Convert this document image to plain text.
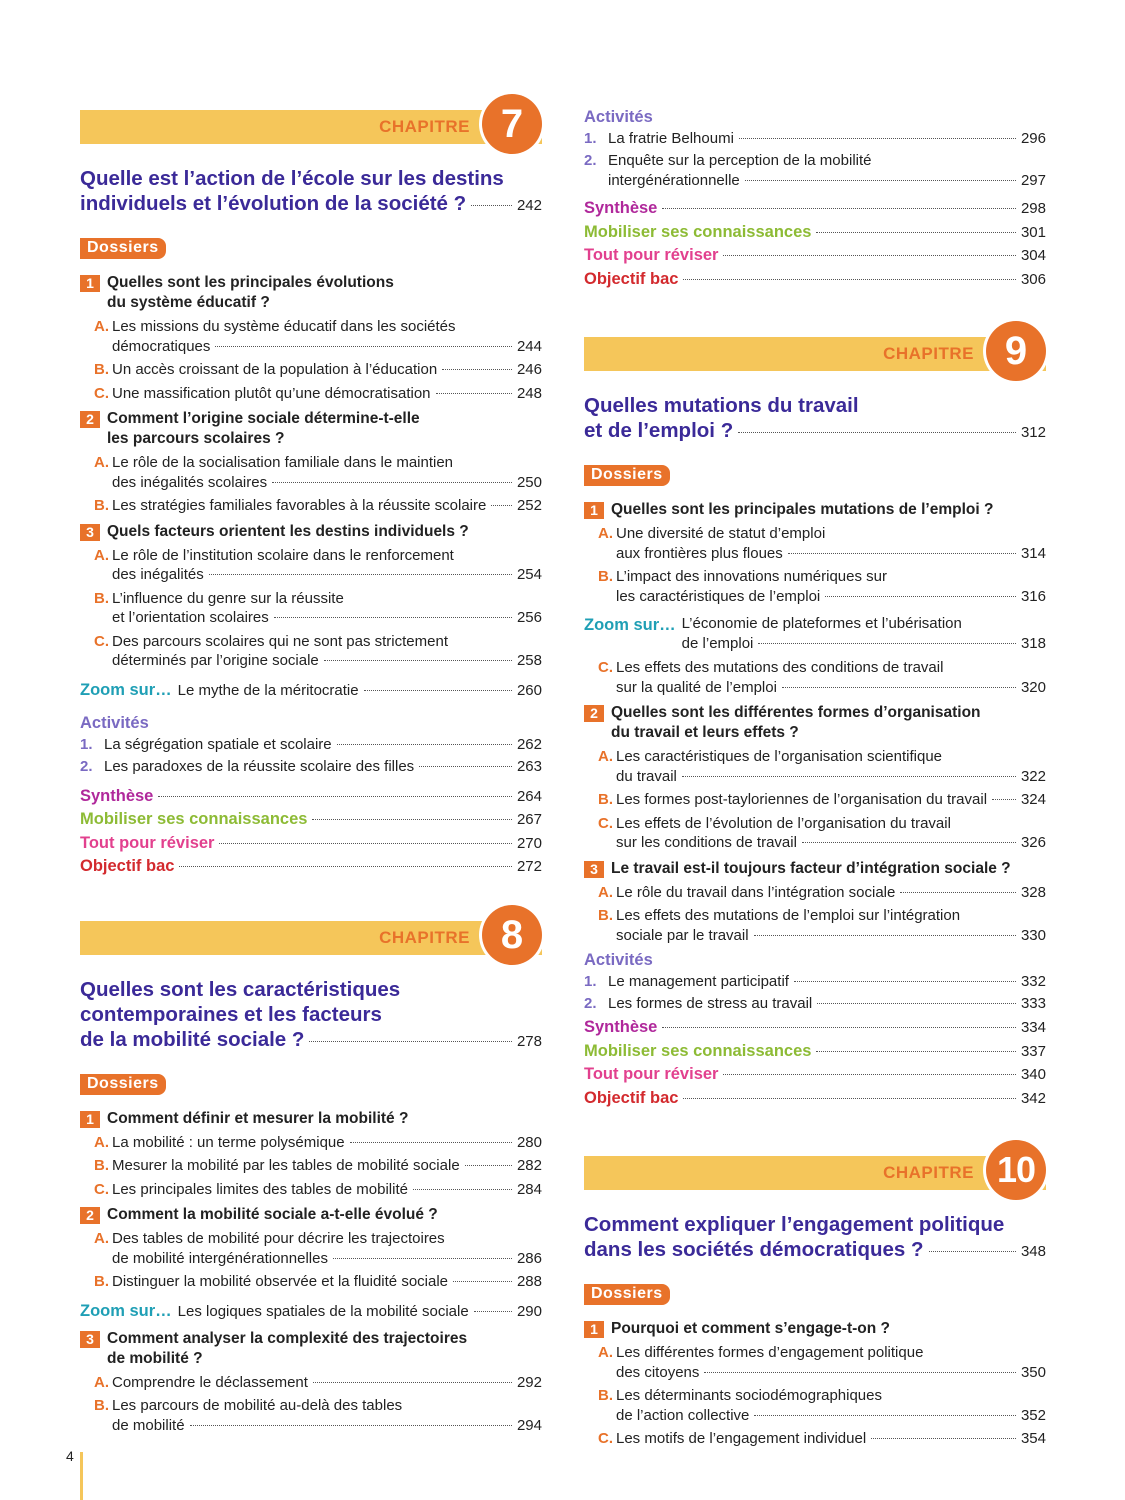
CHAPITRE 7
Quelle est l’action de l’école sur les destins
individuels et l’évolution de la société ?	242
Dossiers
1 Quelles sont les principales évolutions
du système éducatif ?
A. Les missions du système éducatif dans les sociétés
démocratiques	244
B. Un accès croissant de la population à l’éducation	246
C. Une massification plutôt qu’une démocratisation	248
2 Comment l’origine sociale détermine-t-elle
les parcours scolaires ?
A. Le rôle de la socialisation familiale dans le maintien
des inégalités scolaires	250
B. Les stratégies familiales favorables à la réussite scolaire 252
3 Quels facteurs orientent les destins individuels ?
A. Le rôle de l’institution scolaire dans le renforcement
des inégalités	254
B. L’influence du genre sur la réussite
et l’orientation scolaires	256
C. Des parcours scolaires qui ne sont pas strictement
déterminés par l’origine sociale	258
Zoom sur… Le mythe de la méritocratie	260
Activités
1. La ségrégation spatiale et scolaire	262
2. Les paradoxes de la réussite scolaire des filles	263
Synthèse	264
Mobiliser ses connaissances	267
Tout pour réviser	270
Objectif bac	272
CHAPITRE 8
Quelles sont les caractéristiques
contemporaines et les facteurs
de la mobilité sociale ?	278
Dossiers
1 Comment définir et mesurer la mobilité ?
A. La mobilité : un terme polysémique	280
B. Mesurer la mobilité par les tables de mobilité sociale	282
C. Les principales limites des tables de mobilité	284
2 Comment la mobilité sociale a-t-elle évolué ?
A. Des tables de mobilité pour décrire les trajectoires
de mobilité intergénérationnelles	286
B. Distinguer la mobilité observée et la fluidité sociale	288
Zoom sur… Les logiques spatiales de la mobilité sociale	290
3 Comment analyser la complexité des trajectoires
de mobilité ?
A. Comprendre le déclassement	292
B. Les parcours de mobilité au-delà des tables
de mobilité	294
Activités
1. La fratrie Belhoumi	296
2. Enquête sur la perception de la mobilité
intergénérationnelle	297
Synthèse	298
Mobiliser ses connaissances	301
Tout pour réviser	304
Objectif bac	306
CHAPITRE 9
Quelles mutations du travail
et de l’emploi ?	312
Dossiers
1 Quelles sont les principales mutations de l’emploi ?
A. Une diversité de statut d’emploi
aux frontières plus floues	314
B. L’impact des innovations numériques sur
les caractéristiques de l’emploi	316
Zoom sur… L’économie de plateformes et l’ubérisation
de l’emploi	318
C. Les effets des mutations des conditions de travail
sur la qualité de l’emploi	320
2 Quelles sont les différentes formes d’organisation
du travail et leurs effets ?
A. Les caractéristiques de l’organisation scientifique
du travail	322
B. Les formes post-tayloriennes de l’organisation du travail 324
C. Les effets de l’évolution de l’organisation du travail
sur les conditions de travail	326
3 Le travail est-il toujours facteur d’intégration sociale ?
A. Le rôle du travail dans l’intégration sociale	328
B. Les effets des mutations de l’emploi sur l’intégration
sociale par le travail	330
Activités
1. Le management participatif	332
2. Les formes de stress au travail	333
Synthèse	334
Mobiliser ses connaissances	337
Tout pour réviser	340
Objectif bac	342
CHAPITRE 10
Comment expliquer l’engagement politique
dans les sociétés démocratiques ?	348
Dossiers
1 Pourquoi et comment s’engage-t-on ?
A. Les différentes formes d’engagement politique
des citoyens	350
B. Les déterminants sociodémographiques
de l’action collective	352
C. Les motifs de l’engagement individuel	354
4
